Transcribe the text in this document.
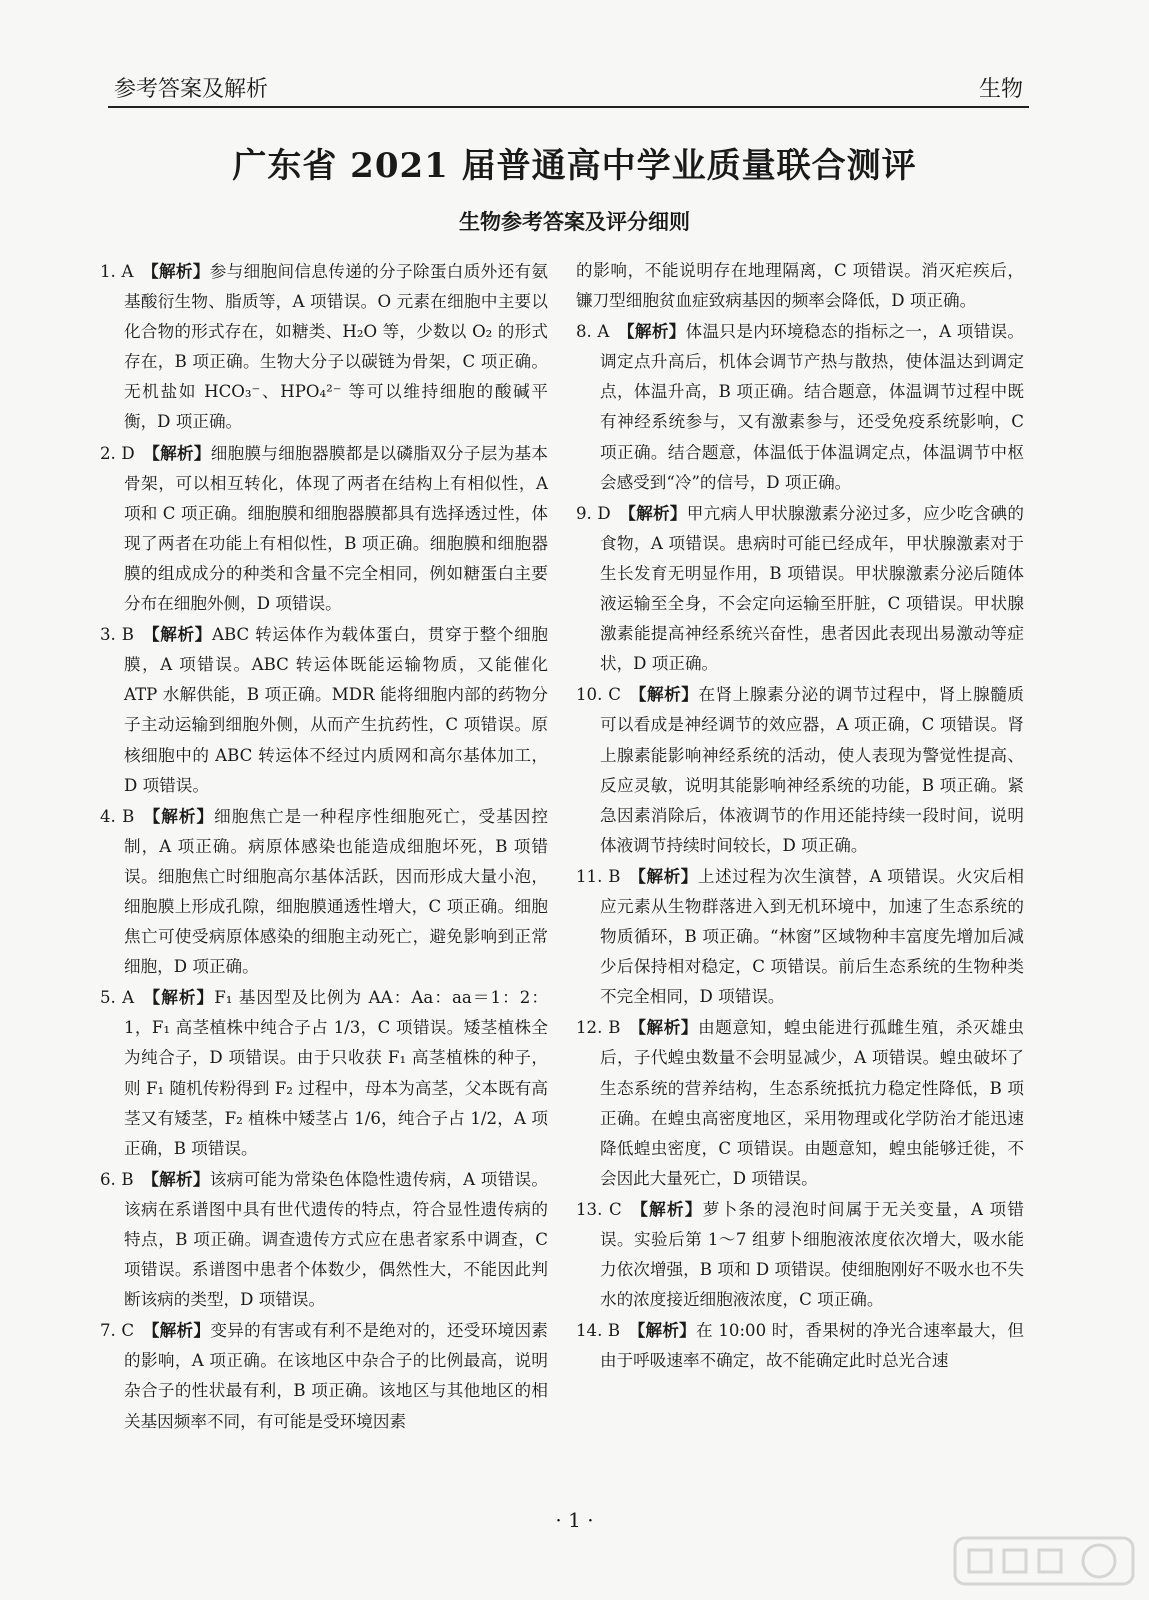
参考答案及解析	生物
广东省 2021 届普通高中学业质量联合测评
生物参考答案及评分细则

1. A  【解析】参与细胞间信息传递的分子除蛋白质外还有氨基酸衍生物、脂质等，A 项错误。O 元素在细胞中主要以化合物的形式存在，如糖类、H₂O 等，少数以 O₂ 的形式存在，B 项正确。生物大分子以碳链为骨架，C 项正确。无机盐如 HCO₃⁻、HPO₄²⁻ 等可以维持细胞的酸碱平衡，D 项正确。

2. D  【解析】细胞膜与细胞器膜都是以磷脂双分子层为基本骨架，可以相互转化，体现了两者在结构上有相似性，A 项和 C 项正确。细胞膜和细胞器膜都具有选择透过性，体现了两者在功能上有相似性，B 项正确。细胞膜和细胞器膜的组成成分的种类和含量不完全相同，例如糖蛋白主要分布在细胞外侧，D 项错误。

3. B  【解析】ABC 转运体作为载体蛋白，贯穿于整个细胞膜，A 项错误。ABC 转运体既能运输物质，又能催化 ATP 水解供能，B 项正确。MDR 能将细胞内部的药物分子主动运输到细胞外侧，从而产生抗药性，C 项错误。原核细胞中的 ABC 转运体不经过内质网和高尔基体加工，D 项错误。

4. B  【解析】细胞焦亡是一种程序性细胞死亡，受基因控制，A 项正确。病原体感染也能造成细胞坏死，B 项错误。细胞焦亡时细胞高尔基体活跃，因而形成大量小泡，细胞膜上形成孔隙，细胞膜通透性增大，C 项正确。细胞焦亡可使受病原体感染的细胞主动死亡，避免影响到正常细胞，D 项正确。

5. A  【解析】F₁ 基因型及比例为 AA：Aa：aa＝1：2：1，F₁ 高茎植株中纯合子占 1/3，C 项错误。矮茎植株全为纯合子，D 项错误。由于只收获 F₁ 高茎植株的种子，则 F₁ 随机传粉得到 F₂ 过程中，母本为高茎，父本既有高茎又有矮茎，F₂ 植株中矮茎占 1/6，纯合子占 1/2，A 项正确，B 项错误。

6. B  【解析】该病可能为常染色体隐性遗传病，A 项错误。该病在系谱图中具有世代遗传的特点，符合显性遗传病的特点，B 项正确。调查遗传方式应在患者家系中调查，C 项错误。系谱图中患者个体数少，偶然性大，不能因此判断该病的类型，D 项错误。

7. C  【解析】变异的有害或有利不是绝对的，还受环境因素的影响，A 项正确。在该地区中杂合子的比例最高，说明杂合子的性状最有利，B 项正确。该地区与其他地区的相关基因频率不同，有可能是受环境因素

的影响，不能说明存在地理隔离，C 项错误。消灭疟疾后，镰刀型细胞贫血症致病基因的频率会降低，D 项正确。

8. A  【解析】体温只是内环境稳态的指标之一，A 项错误。调定点升高后，机体会调节产热与散热，使体温达到调定点，体温升高，B 项正确。结合题意，体温调节过程中既有神经系统参与，又有激素参与，还受免疫系统影响，C 项正确。结合题意，体温低于体温调定点，体温调节中枢会感受到“冷”的信号，D 项正确。

9. D  【解析】甲亢病人甲状腺激素分泌过多，应少吃含碘的食物，A 项错误。患病时可能已经成年，甲状腺激素对于生长发育无明显作用，B 项错误。甲状腺激素分泌后随体液运输至全身，不会定向运输至肝脏，C 项错误。甲状腺激素能提高神经系统兴奋性，患者因此表现出易激动等症状，D 项正确。

10. C  【解析】在肾上腺素分泌的调节过程中，肾上腺髓质可以看成是神经调节的效应器，A 项正确，C 项错误。肾上腺素能影响神经系统的活动，使人表现为警觉性提高、反应灵敏，说明其能影响神经系统的功能，B 项正确。紧急因素消除后，体液调节的作用还能持续一段时间，说明体液调节持续时间较长，D 项正确。

11. B  【解析】上述过程为次生演替，A 项错误。火灾后相应元素从生物群落进入到无机环境中，加速了生态系统的物质循环，B 项正确。“林窗”区域物种丰富度先增加后减少后保持相对稳定，C 项错误。前后生态系统的生物种类不完全相同，D 项错误。

12. B  【解析】由题意知，蝗虫能进行孤雌生殖，杀灭雄虫后，子代蝗虫数量不会明显减少，A 项错误。蝗虫破坏了生态系统的营养结构，生态系统抵抗力稳定性降低，B 项正确。在蝗虫高密度地区，采用物理或化学防治才能迅速降低蝗虫密度，C 项错误。由题意知，蝗虫能够迁徙，不会因此大量死亡，D 项错误。

13. C  【解析】萝卜条的浸泡时间属于无关变量，A 项错误。实验后第 1～7 组萝卜细胞液浓度依次增大，吸水能力依次增强，B 项和 D 项错误。使细胞刚好不吸水也不失水的浓度接近细胞液浓度，C 项正确。

14. B  【解析】在 10:00 时，香果树的净光合速率最大，但由于呼吸速率不确定，故不能确定此时总光合速

· 1 ·
